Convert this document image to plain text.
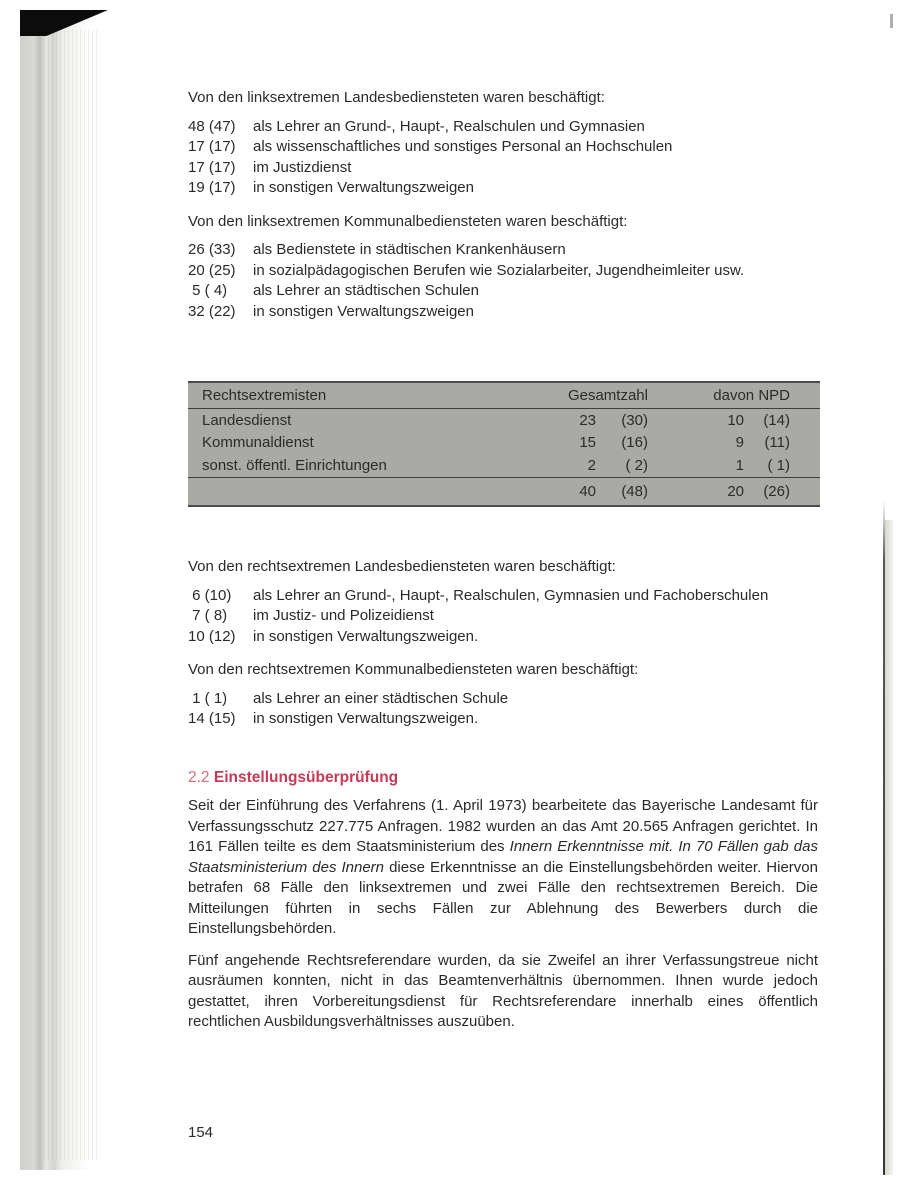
Von den linksextremen Landesbediensteten waren beschäftigt:
48 (47)	als Lehrer an Grund-, Haupt-, Realschulen und Gymnasien
17 (17)	als wissenschaftliches und sonstiges Personal an Hochschulen
17 (17)	im Justizdienst
19 (17)	in sonstigen Verwaltungszweigen
Von den linksextremen Kommunalbediensteten waren beschäftigt:
26 (33)	als Bedienstete in städtischen Krankenhäusern
20 (25)	in sozialpädagogischen Berufen wie Sozialarbeiter, Jugendheimleiter usw.
5 ( 4)	als Lehrer an städtischen Schulen
32 (22)	in sonstigen Verwaltungszweigen
Rechtsextremisten	Gesamtzahl	davon NPD
Landesdienst	23	(30)	10	(14)
Kommunaldienst	15	(16)	9	(11)
sonst. öffentl. Einrichtungen	2	( 2)	1	( 1)
40	(48)	20	(26)
Von den rechtsextremen Landesbediensteten waren beschäftigt:
6 (10)	als Lehrer an Grund-, Haupt-, Realschulen, Gymnasien und Fachoberschulen
7 ( 8)	im Justiz- und Polizeidienst
10 (12)	in sonstigen Verwaltungszweigen.
Von den rechtsextremen Kommunalbediensteten waren beschäftigt:
1 ( 1)	als Lehrer an einer städtischen Schule
14 (15)	in sonstigen Verwaltungszweigen.
2.2 Einstellungsüberprüfung

Seit der Einführung des Verfahrens (1. April 1973) bearbeitete das Bayerische Landesamt für Verfassungsschutz 227.775 Anfragen. 1982 wurden an das Amt 20.565 Anfragen gerichtet. In 161 Fällen teilte es dem Staatsministerium des Innern Erkenntnisse mit. In 70 Fällen gab das Staatsministerium des Innern diese Erkenntnisse an die Einstellungsbehörden weiter. Hiervon betrafen 68 Fälle den linksextremen und zwei Fälle den rechtsextremen Bereich. Die Mitteilungen führten in sechs Fällen zur Ablehnung des Bewerbers durch die Einstellungsbehörden.

Fünf angehende Rechtsreferendare wurden, da sie Zweifel an ihrer Verfassungstreue nicht ausräumen konnten, nicht in das Beamtenverhältnis übernommen. Ihnen wurde jedoch gestattet, ihren Vorbereitungsdienst für Rechtsreferendare innerhalb eines öffentlich rechtlichen Ausbildungsverhältnisses auszuüben.

154
